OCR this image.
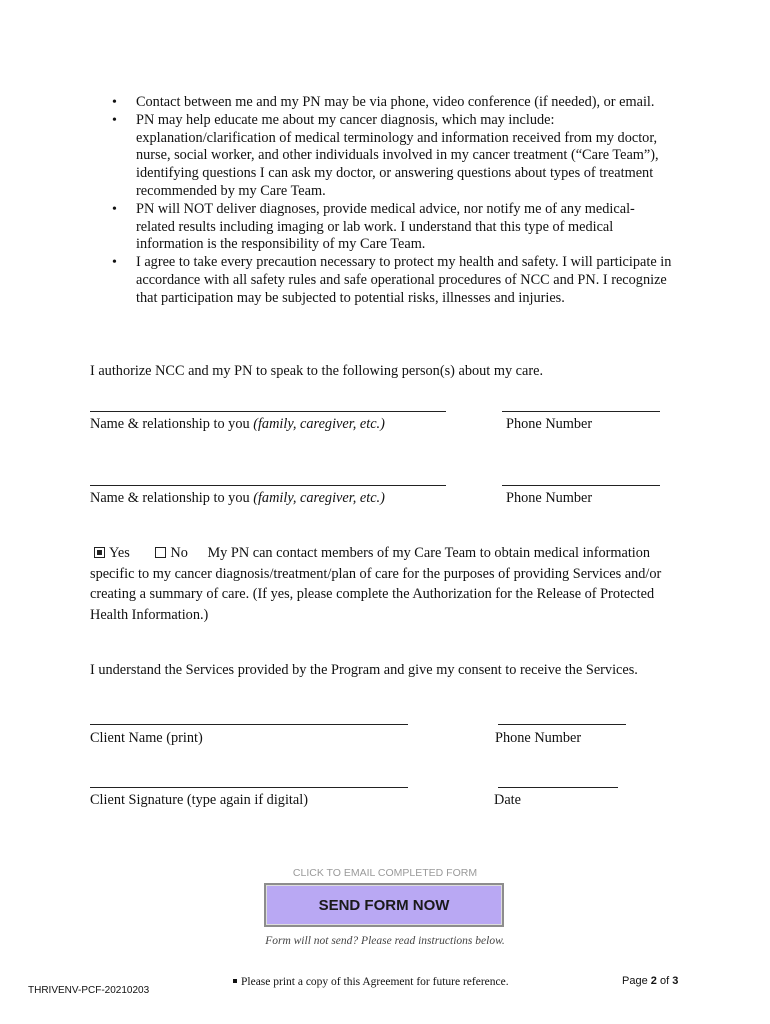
• Contact between me and my PN may be via phone, video conference (if needed), or email.
• PN may help educate me about my cancer diagnosis, which may include: explanation/clarification of medical terminology and information received from my doctor, nurse, social worker, and other individuals involved in my cancer treatment (“Care Team”), identifying questions I can ask my doctor, or answering questions about types of treatment recommended by my Care Team.
• PN will NOT deliver diagnoses, provide medical advice, nor notify me of any medical-related results including imaging or lab work. I understand that this type of medical information is the responsibility of my Care Team.
• I agree to take every precaution necessary to protect my health and safety. I will participate in accordance with all safety rules and safe operational procedures of NCC and PN. I recognize that participation may be subjected to potential risks, illnesses and injuries.
I authorize NCC and my PN to speak to the following person(s) about my care.
Name & relationship to you (family, caregiver, etc.)	Phone Number
Name & relationship to you (family, caregiver, etc.)	Phone Number
Yes	No My PN can contact members of my Care Team to obtain medical information specific to my cancer diagnosis/treatment/plan of care for the purposes of providing Services and/or creating a summary of care. (If yes, please complete the Authorization for the Release of Protected Health Information.)
I understand the Services provided by the Program and give my consent to receive the Services.
Client Name (print)	Phone Number
Client Signature (type again if digital)	Date
CLICK TO EMAIL COMPLETED FORM
SEND FORM NOW
Form will not send? Please read instructions below.
THRIVENV-PCF-20210203
Please print a copy of this Agreement for future reference.	Page 2 of 3
